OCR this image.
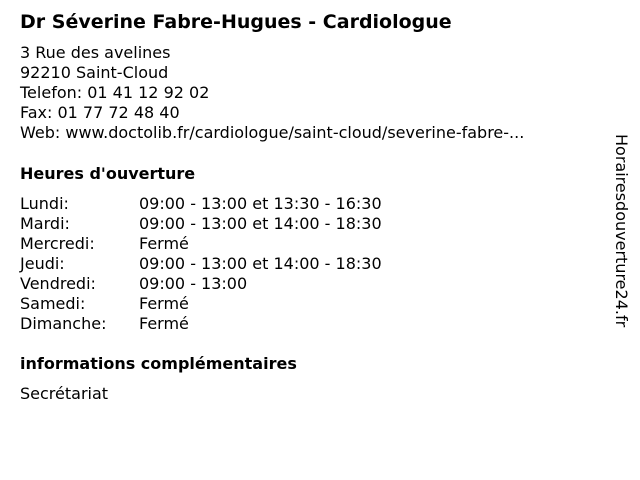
Dr Séverine Fabre-Hugues - Cardiologue
3 Rue des avelines
92210 Saint-Cloud
Telefon: 01 41 12 92 02
Fax: 01 77 72 48 40
Web: www.doctolib.fr/cardiologue/saint-cloud/severine-fabre-...
Heures d'ouverture
Lundi:	09:00 - 13:00 et 13:30 - 16:30
Mardi:	09:00 - 13:00 et 14:00 - 18:30
Mercredi:	Fermé
Jeudi:	09:00 - 13:00 et 14:00 - 18:30
Vendredi:	09:00 - 13:00
Samedi:	Fermé
Dimanche: Fermé
informations complémentaires
Secrétariat
Horairesdouverture24.fr
